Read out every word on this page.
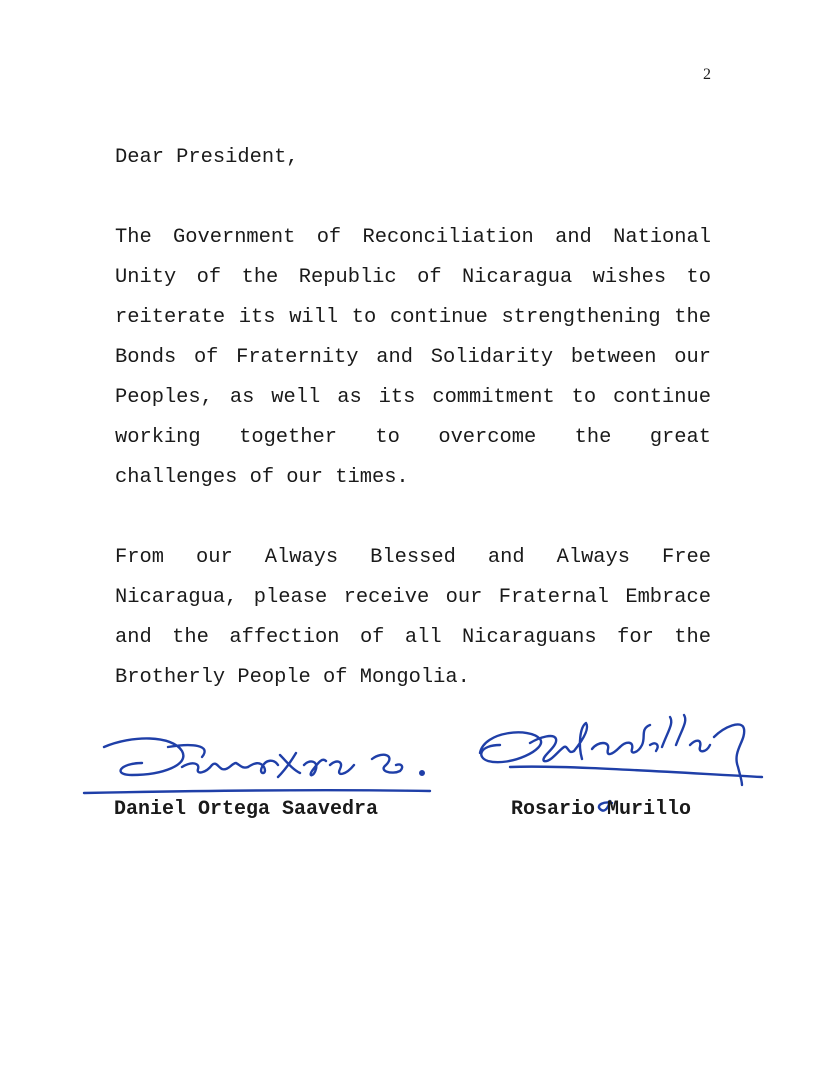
2
Dear President,

The Government of Reconciliation and National Unity of the Republic of Nicaragua wishes to reiterate its will to continue strengthening the Bonds of Fraternity and Solidarity between our Peoples, as well as its commitment to continue working together to overcome the great challenges of our times.

From our Always Blessed and Always Free Nicaragua, please receive our Fraternal Embrace and the affection of all Nicaraguans for the Brotherly People of Mongolia.

Daniel Ortega Saavedra	Rosario Murillo
